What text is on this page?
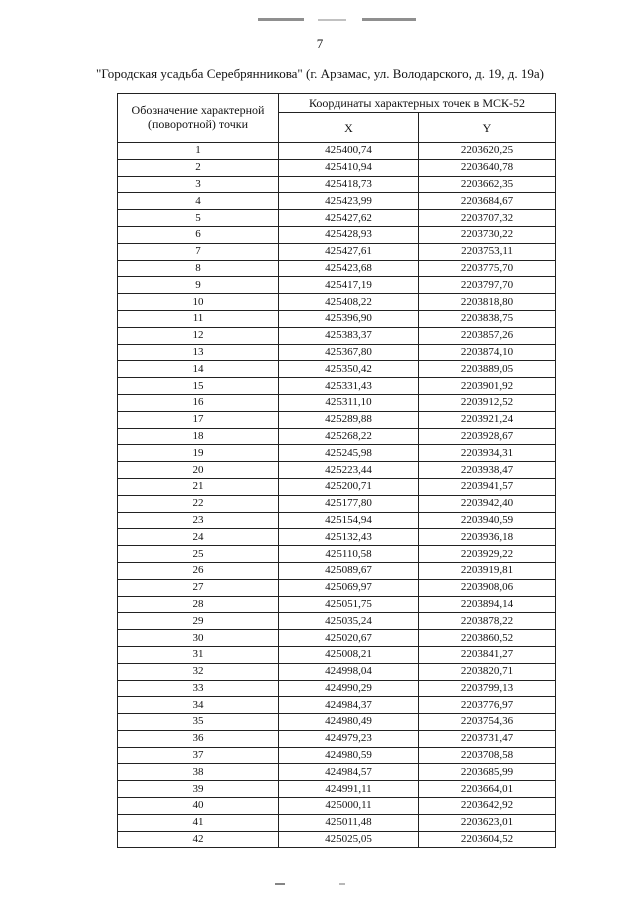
7
"Городская усадьба Серебрянникова" (г. Арзамас, ул. Володарского, д. 19, д. 19а)
Обозначение характерной (поворотной) точки	Координаты характерных точек в МСК-52	
	X	Y
1	425400,74	2203620,25
2	425410,94	2203640,78
3	425418,73	2203662,35
4	425423,99	2203684,67
5	425427,62	2203707,32
6	425428,93	2203730,22
7	425427,61	2203753,11
8	425423,68	2203775,70
9	425417,19	2203797,70
10	425408,22	2203818,80
11	425396,90	2203838,75
12	425383,37	2203857,26
13	425367,80	2203874,10
14	425350,42	2203889,05
15	425331,43	2203901,92
16	425311,10	2203912,52
17	425289,88	2203921,24
18	425268,22	2203928,67
19	425245,98	2203934,31
20	425223,44	2203938,47
21	425200,71	2203941,57
22	425177,80	2203942,40
23	425154,94	2203940,59
24	425132,43	2203936,18
25	425110,58	2203929,22
26	425089,67	2203919,81
27	425069,97	2203908,06
28	425051,75	2203894,14
29	425035,24	2203878,22
30	425020,67	2203860,52
31	425008,21	2203841,27
32	424998,04	2203820,71
33	424990,29	2203799,13
34	424984,37	2203776,97
35	424980,49	2203754,36
36	424979,23	2203731,47
37	424980,59	2203708,58
38	424984,57	2203685,99
39	424991,11	2203664,01
40	425000,11	2203642,92
41	425011,48	2203623,01
42	425025,05	2203604,52
